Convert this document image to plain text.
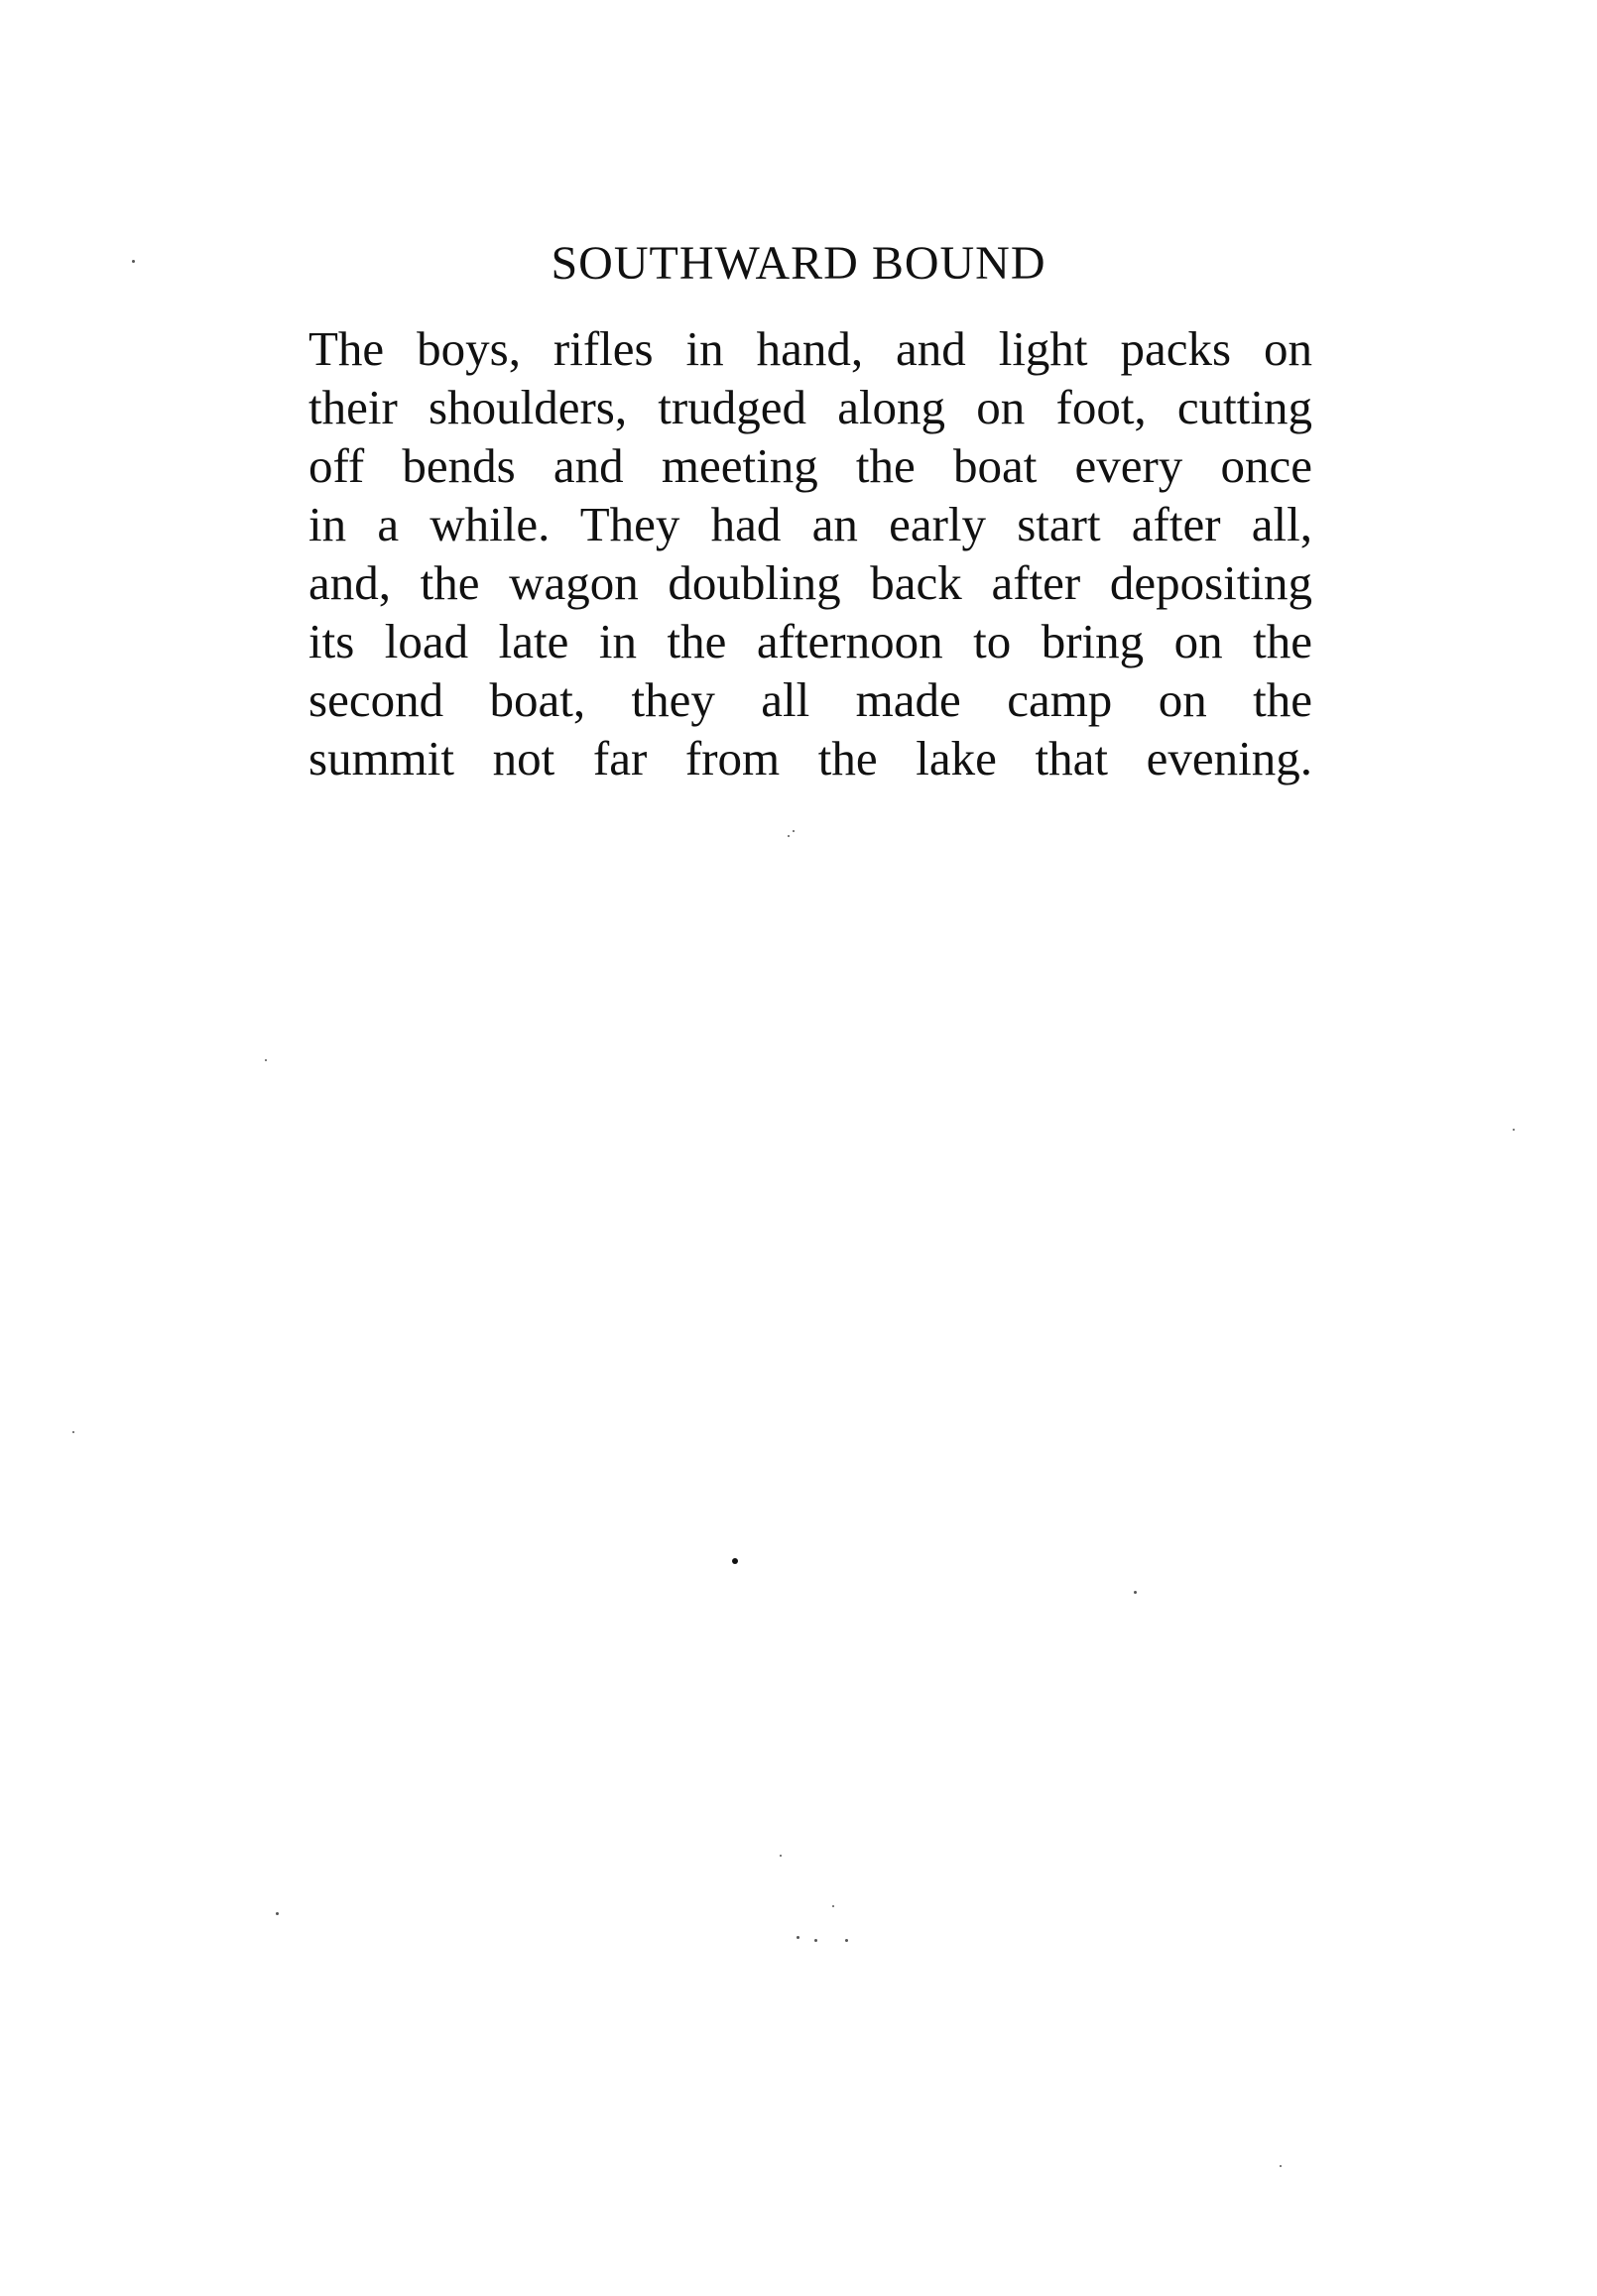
SOUTHWARD BOUND
The boys, rifles in hand, and light packs on
their shoulders, trudged along on foot, cutting
off bends and meeting the boat every once
in a while. They had an early start after all,
and, the wagon doubling back after depositing
its load late in the afternoon to bring on the
second boat, they all made camp on the
summit not far from the lake that evening.
